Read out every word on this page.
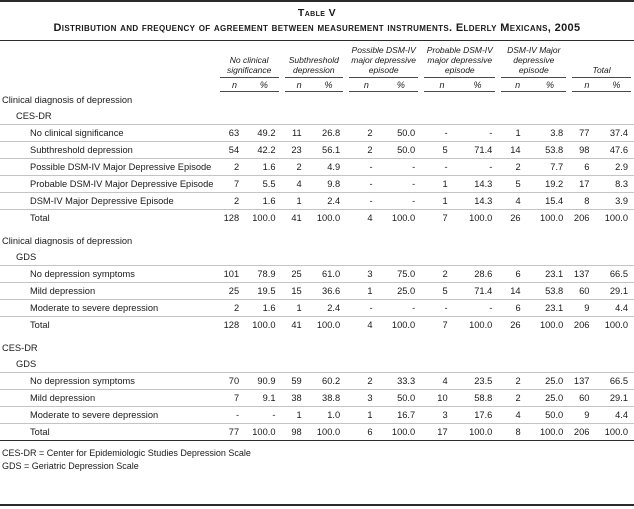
Table V
Distribution and frequency of agreement between measurement instruments. Elderly Mexicans, 2005

	No clinical significance		Subthreshold depression		Possible DSM-IV major depressive episode		Probable DSM-IV major depressive episode		DSM-IV Major depressive episode		Total	

	n %		n %		n %		n %		n %		n %	

Clinical diagnosis of depression												
CES-DR												
No clinical significance	63	49.2	11	26.8	2	50.0	-	-	1	3.8	77	37.4
Subthreshold depression	54	42.2	23	56.1	2	50.0	5	71.4	14	53.8	98	47.6
Possible DSM-IV Major Depressive Episode	2	1.6	2	4.9	-	-	-	-	2	7.7	6	2.9
Probable DSM-IV Major Depressive Episode	7	5.5	4	9.8	-	-	1	14.3	5	19.2	17	8.3
DSM-IV Major Depressive Episode	2	1.6	1	2.4	-	-	1	14.3	4	15.4	8	3.9
Total	128	100.0	41	100.0	4	100.0	7	100.0	26	100.0	206	100.0

Clinical diagnosis of depression												
GDS												
No depression symptoms	101	78.9	25	61.0	3	75.0	2	28.6	6	23.1	137	66.5
Mild depression	25	19.5	15	36.6	1	25.0	5	71.4	14	53.8	60	29.1
Moderate to severe depression	2	1.6	1	2.4	-	-	-	-	6	23.1	9	4.4
Total	128	100.0	41	100.0	4	100.0	7	100.0	26	100.0	206	100.0

CES-DR												
GDS												
No depression symptoms	70	90.9	59	60.2	2	33.3	4	23.5	2	25.0	137	66.5
Mild depression	7	9.1	38	38.8	3	50.0	10	58.8	2	25.0	60	29.1
Moderate to severe depression	-	-	1	1.0	1	16.7	3	17.6	4	50.0	9	4.4
Total	77	100.0	98	100.0	6	100.0	17	100.0	8	100.0	206	100.0
CES-DR = Center for Epidemiologic Studies Depression Scale
GDS = Geriatric Depression Scale
